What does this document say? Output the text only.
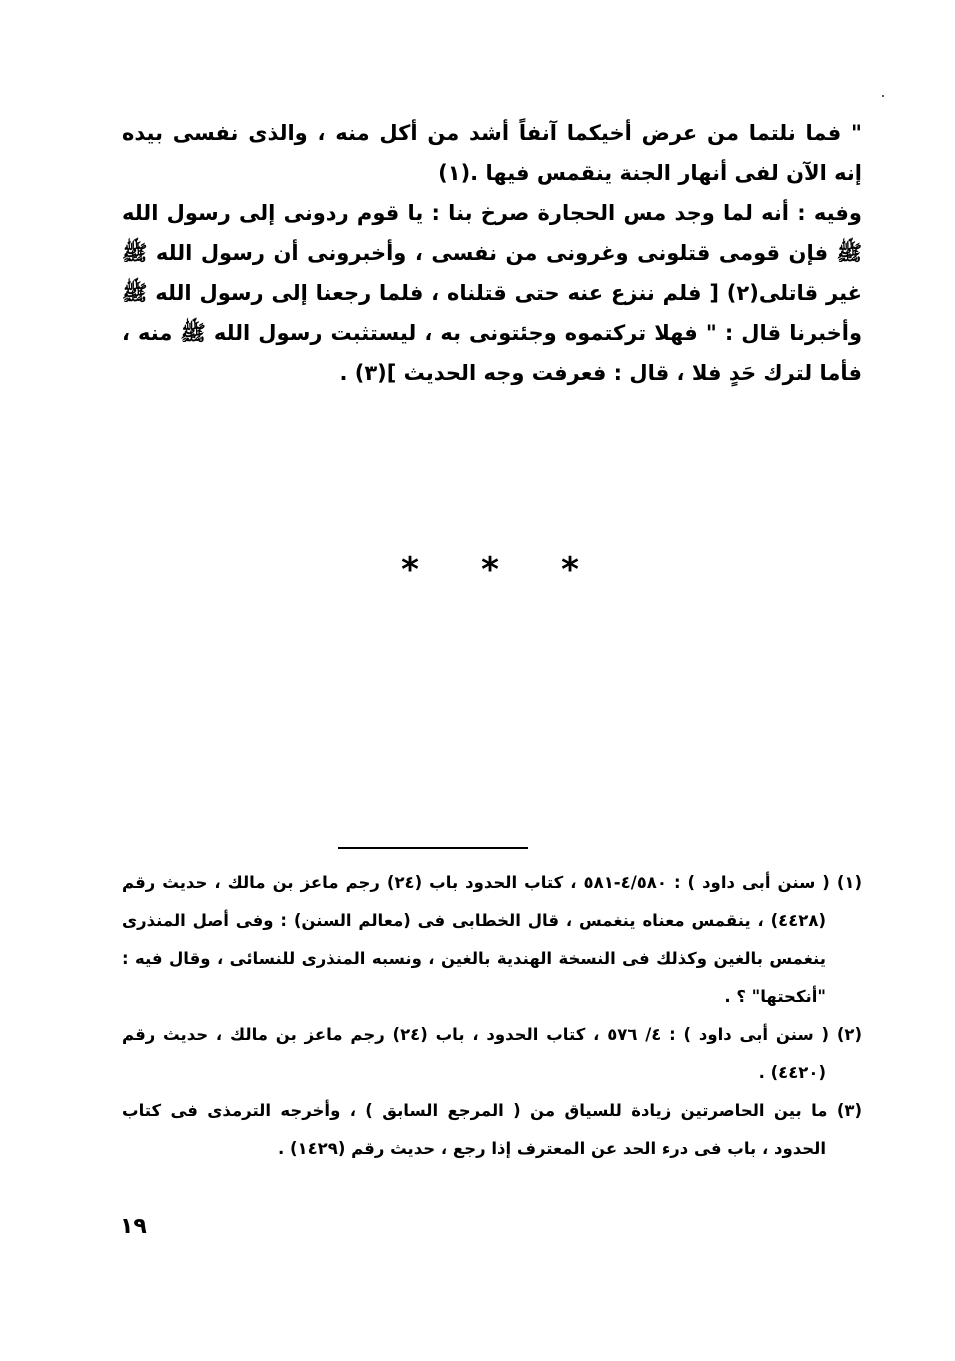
" فما نلتما من عرض أخيكما آنفاً أشد من أكل منه ، والذى نفسى بيده إنه الآن لفى أنهار الجنة ينقمس فيها .(١)

وفيه : أنه لما وجد مس الحجارة صرخ بنا : يا قوم ردونى إلى رسول الله ﷺ فإن قومى قتلونى وغرونى من نفسى ، وأخبرونى أن رسول الله ﷺ غير قاتلى(٢) [ فلم ننزع عنه حتى قتلناه ، فلما رجعنا إلى رسول الله ﷺ وأخبرنا قال : " فهلا تركتموه وجئتونى به ، ليستثبت رسول الله ﷺ منه ، فأما لترك حَدٍ فلا ، قال : فعرفت وجه الحديث ](٣) .

*	*	*

(١) ( سنن أبى داود ) : ٤/٥٨٠-٥٨١ ، كتاب الحدود باب (٢٤) رجم ماعز بن مالك ، حديث رقم (٤٤٢٨) ، ينقمس معناه ينغمس ، قال الخطابى فى (معالم السنن) : وفى أصل المنذرى ينغمس بالغين وكذلك فى النسخة الهندية بالغين ، ونسبه المنذرى للنسائى ، وقال فيه : "أنكحتها" ؟ .

(٢) ( سنن أبى داود ) : ٤/ ٥٧٦ ، كتاب الحدود ، باب (٢٤) رجم ماعز بن مالك ، حديث رقم (٤٤٢٠) .

(٣) ما بين الحاصرتين زيادة للسياق من ( المرجع السابق ) ، وأخرجه الترمذى فى كتاب الحدود ، باب فى درء الحد عن المعترف إذا رجع ، حديث رقم (١٤٢٩) .

١٩
